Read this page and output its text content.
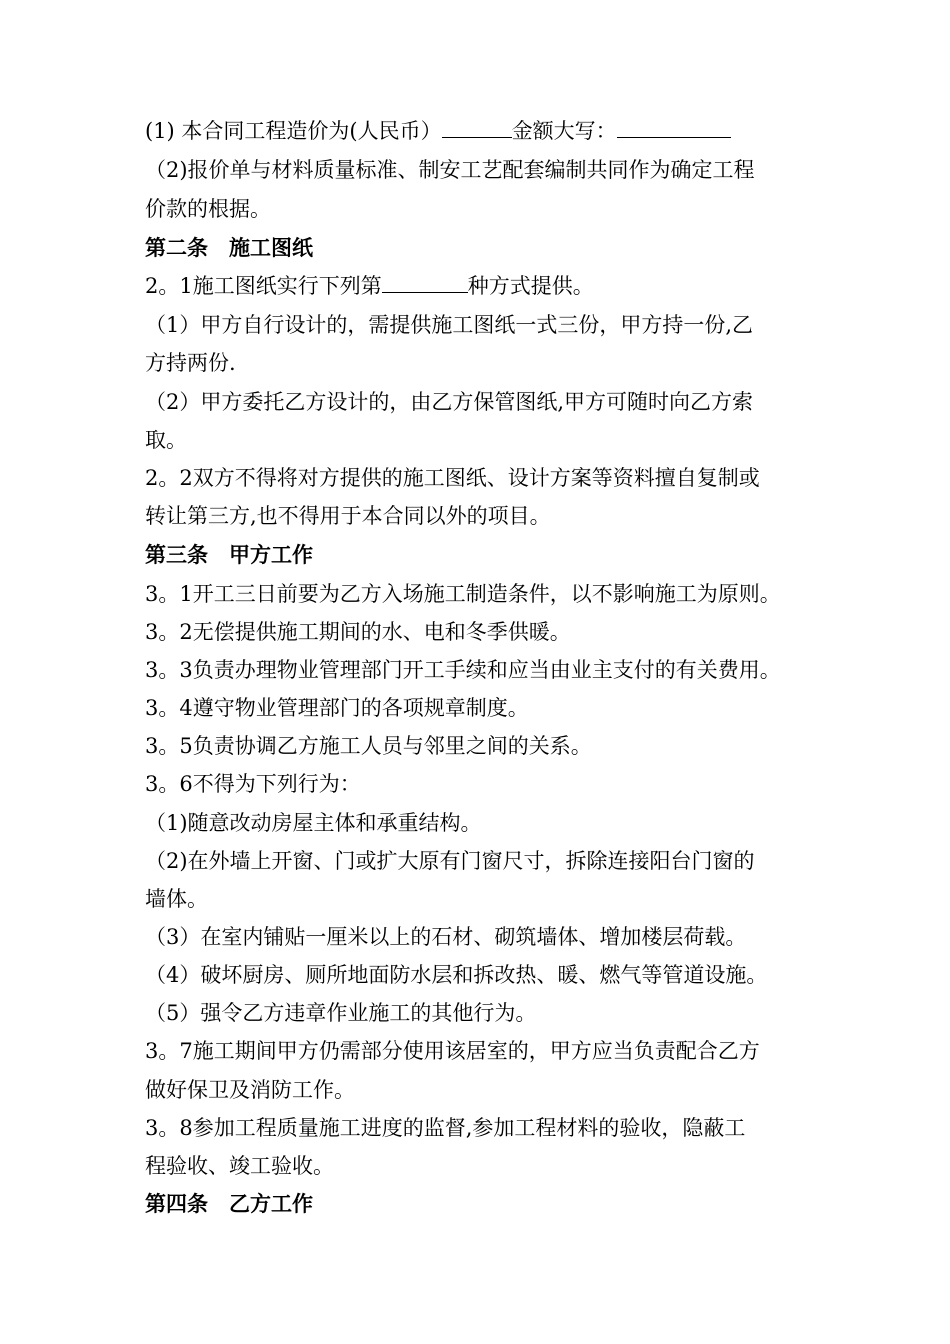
(1) 本合同工程造价为(人民币）	金额大写：
（2)报价单与材料质量标准、制安工艺配套编制共同作为确定工程
价款的根据。
第二条　施工图纸
2。1施工图纸实行下列第	种方式提供。
（1）甲方自行设计的，需提供施工图纸一式三份，甲方持一份,乙
方持两份.
（2）甲方委托乙方设计的，由乙方保管图纸,甲方可随时向乙方索
取。
2。2双方不得将对方提供的施工图纸、设计方案等资料擅自复制或
转让第三方,也不得用于本合同以外的项目。
第三条　甲方工作
3。1开工三日前要为乙方入场施工制造条件，以不影响施工为原则。
3。2无偿提供施工期间的水、电和冬季供暖。
3。3负责办理物业管理部门开工手续和应当由业主支付的有关费用。
3。4遵守物业管理部门的各项规章制度。
3。5负责协调乙方施工人员与邻里之间的关系。
3。6不得为下列行为：
（1)随意改动房屋主体和承重结构。
（2)在外墙上开窗、门或扩大原有门窗尺寸，拆除连接阳台门窗的
墙体。
（3）在室内铺贴一厘米以上的石材、砌筑墙体、增加楼层荷载。
（4）破坏厨房、厕所地面防水层和拆改热、暖、燃气等管道设施。
（5）强令乙方违章作业施工的其他行为。
3。7施工期间甲方仍需部分使用该居室的，甲方应当负责配合乙方
做好保卫及消防工作。
3。8参加工程质量施工进度的监督,参加工程材料的验收，隐蔽工
程验收、竣工验收。
第四条　乙方工作
